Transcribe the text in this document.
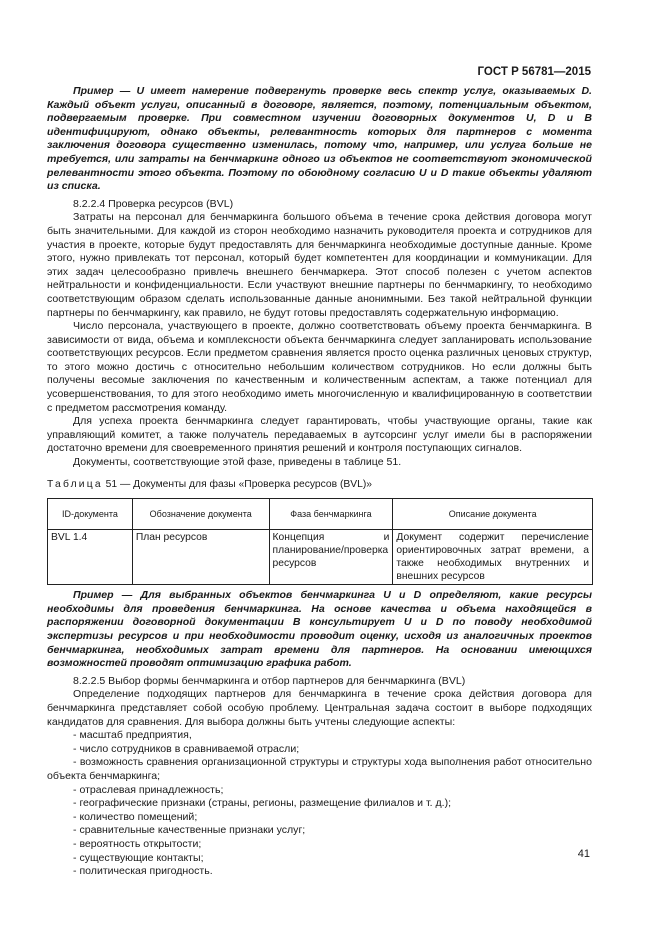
ГОСТ Р 56781—2015

Пример — U имеет намерение подвергнуть проверке весь спектр услуг, оказываемых D. Каждый объект услуги, описанный в договоре, является, поэтому, потенциальным объектом, подвергаемым проверке. При совместном изучении договорных документов U, D и B идентифицируют, однако объекты, релевантность которых для партнеров с момента заключения договора существенно изменилась, потому что, например, или услуга больше не требуется, или затраты на бенчмаркинг одного из объектов не соответствуют экономической релевантности этого объекта. Поэтому по обоюдному согласию U и D такие объекты удаляют из списка.

8.2.2.4 Проверка ресурсов (BVL)

Затраты на персонал для бенчмаркинга большого объема в течение срока действия договора могут быть значительными. Для каждой из сторон необходимо назначить руководителя проекта и сотрудников для участия в проекте, которые будут предоставлять для бенчмаркинга необходимые доступные данные. Кроме этого, нужно привлекать тот персонал, который будет компетентен для координации и коммуникации. Для этих задач целесообразно привлечь внешнего бенчмаркера. Этот способ полезен с учетом аспектов нейтральности и конфиденциальности. Если участвуют внешние партнеры по бенчмаркингу, то необходимо соответствующим образом сделать использованные данные анонимными. Без такой нейтральной функции партнеры по бенчмаркингу, как правило, не будут готовы предоставлять содержательную информацию.

Число персонала, участвующего в проекте, должно соответствовать объему проекта бенчмаркинга. В зависимости от вида, объема и комплексности объекта бенчмаркинга следует запланировать использование соответствующих ресурсов. Если предметом сравнения является просто оценка различных ценовых структур, то этого можно достичь с относительно небольшим количеством сотрудников. Но если должны быть получены весомые заключения по качественным и количественным аспектам, а также потенциал для усовершенствования, то для этого необходимо иметь многочисленную и квалифицированную в соответствии с предметом рассмотрения команду.

Для успеха проекта бенчмаркинга следует гарантировать, чтобы участвующие органы, такие как управляющий комитет, а также получатель передаваемых в аутсорсинг услуг имели бы в распоряжении достаточно времени для своевременного принятия решений и контроля поступающих сигналов.

Документы, соответствующие этой фазе, приведены в таблице 51.

Таблица 51 — Документы для фазы «Проверка ресурсов (BVL)»
ID-документа	Обозначение документа	Фаза бенчмаркинга	Описание документа
BVL 1.4	План ресурсов	Концепция и планирование/проверка ресурсов	Документ содержит перечисление ориентировочных затрат времени, а также необходимых внутренних и внешних ресурсов

Пример — Для выбранных объектов бенчмаркинга U и D определяют, какие ресурсы необходимы для проведения бенчмаркинга. На основе качества и объема находящейся в распоряжении договорной документации В консультирует U и D по поводу необходимой экспертизы ресурсов и при необходимости проводит оценку, исходя из аналогичных проектов бенчмаркинга, необходимых затрат времени для партнеров. На основании имеющихся возможностей проводят оптимизацию графика работ.

8.2.2.5 Выбор формы бенчмаркинга и отбор партнеров для бенчмаркинга (BVL)

Определение подходящих партнеров для бенчмаркинга в течение срока действия договора для бенчмаркинга представляет собой особую проблему. Центральная задача состоит в выборе подходящих кандидатов для сравнения. Для выбора должны быть учтены следующие аспекты:

- масштаб предприятия,

- число сотрудников в сравниваемой отрасли;

- возможность сравнения организационной структуры и структуры хода выполнения работ относительно объекта бенчмаркинга;

- отраслевая принадлежность;

- географические признаки (страны, регионы, размещение филиалов и т. д.);

- количество помещений;

- сравнительные качественные признаки услуг;

- вероятность открытости;

- существующие контакты;

- политическая пригодность.

41
